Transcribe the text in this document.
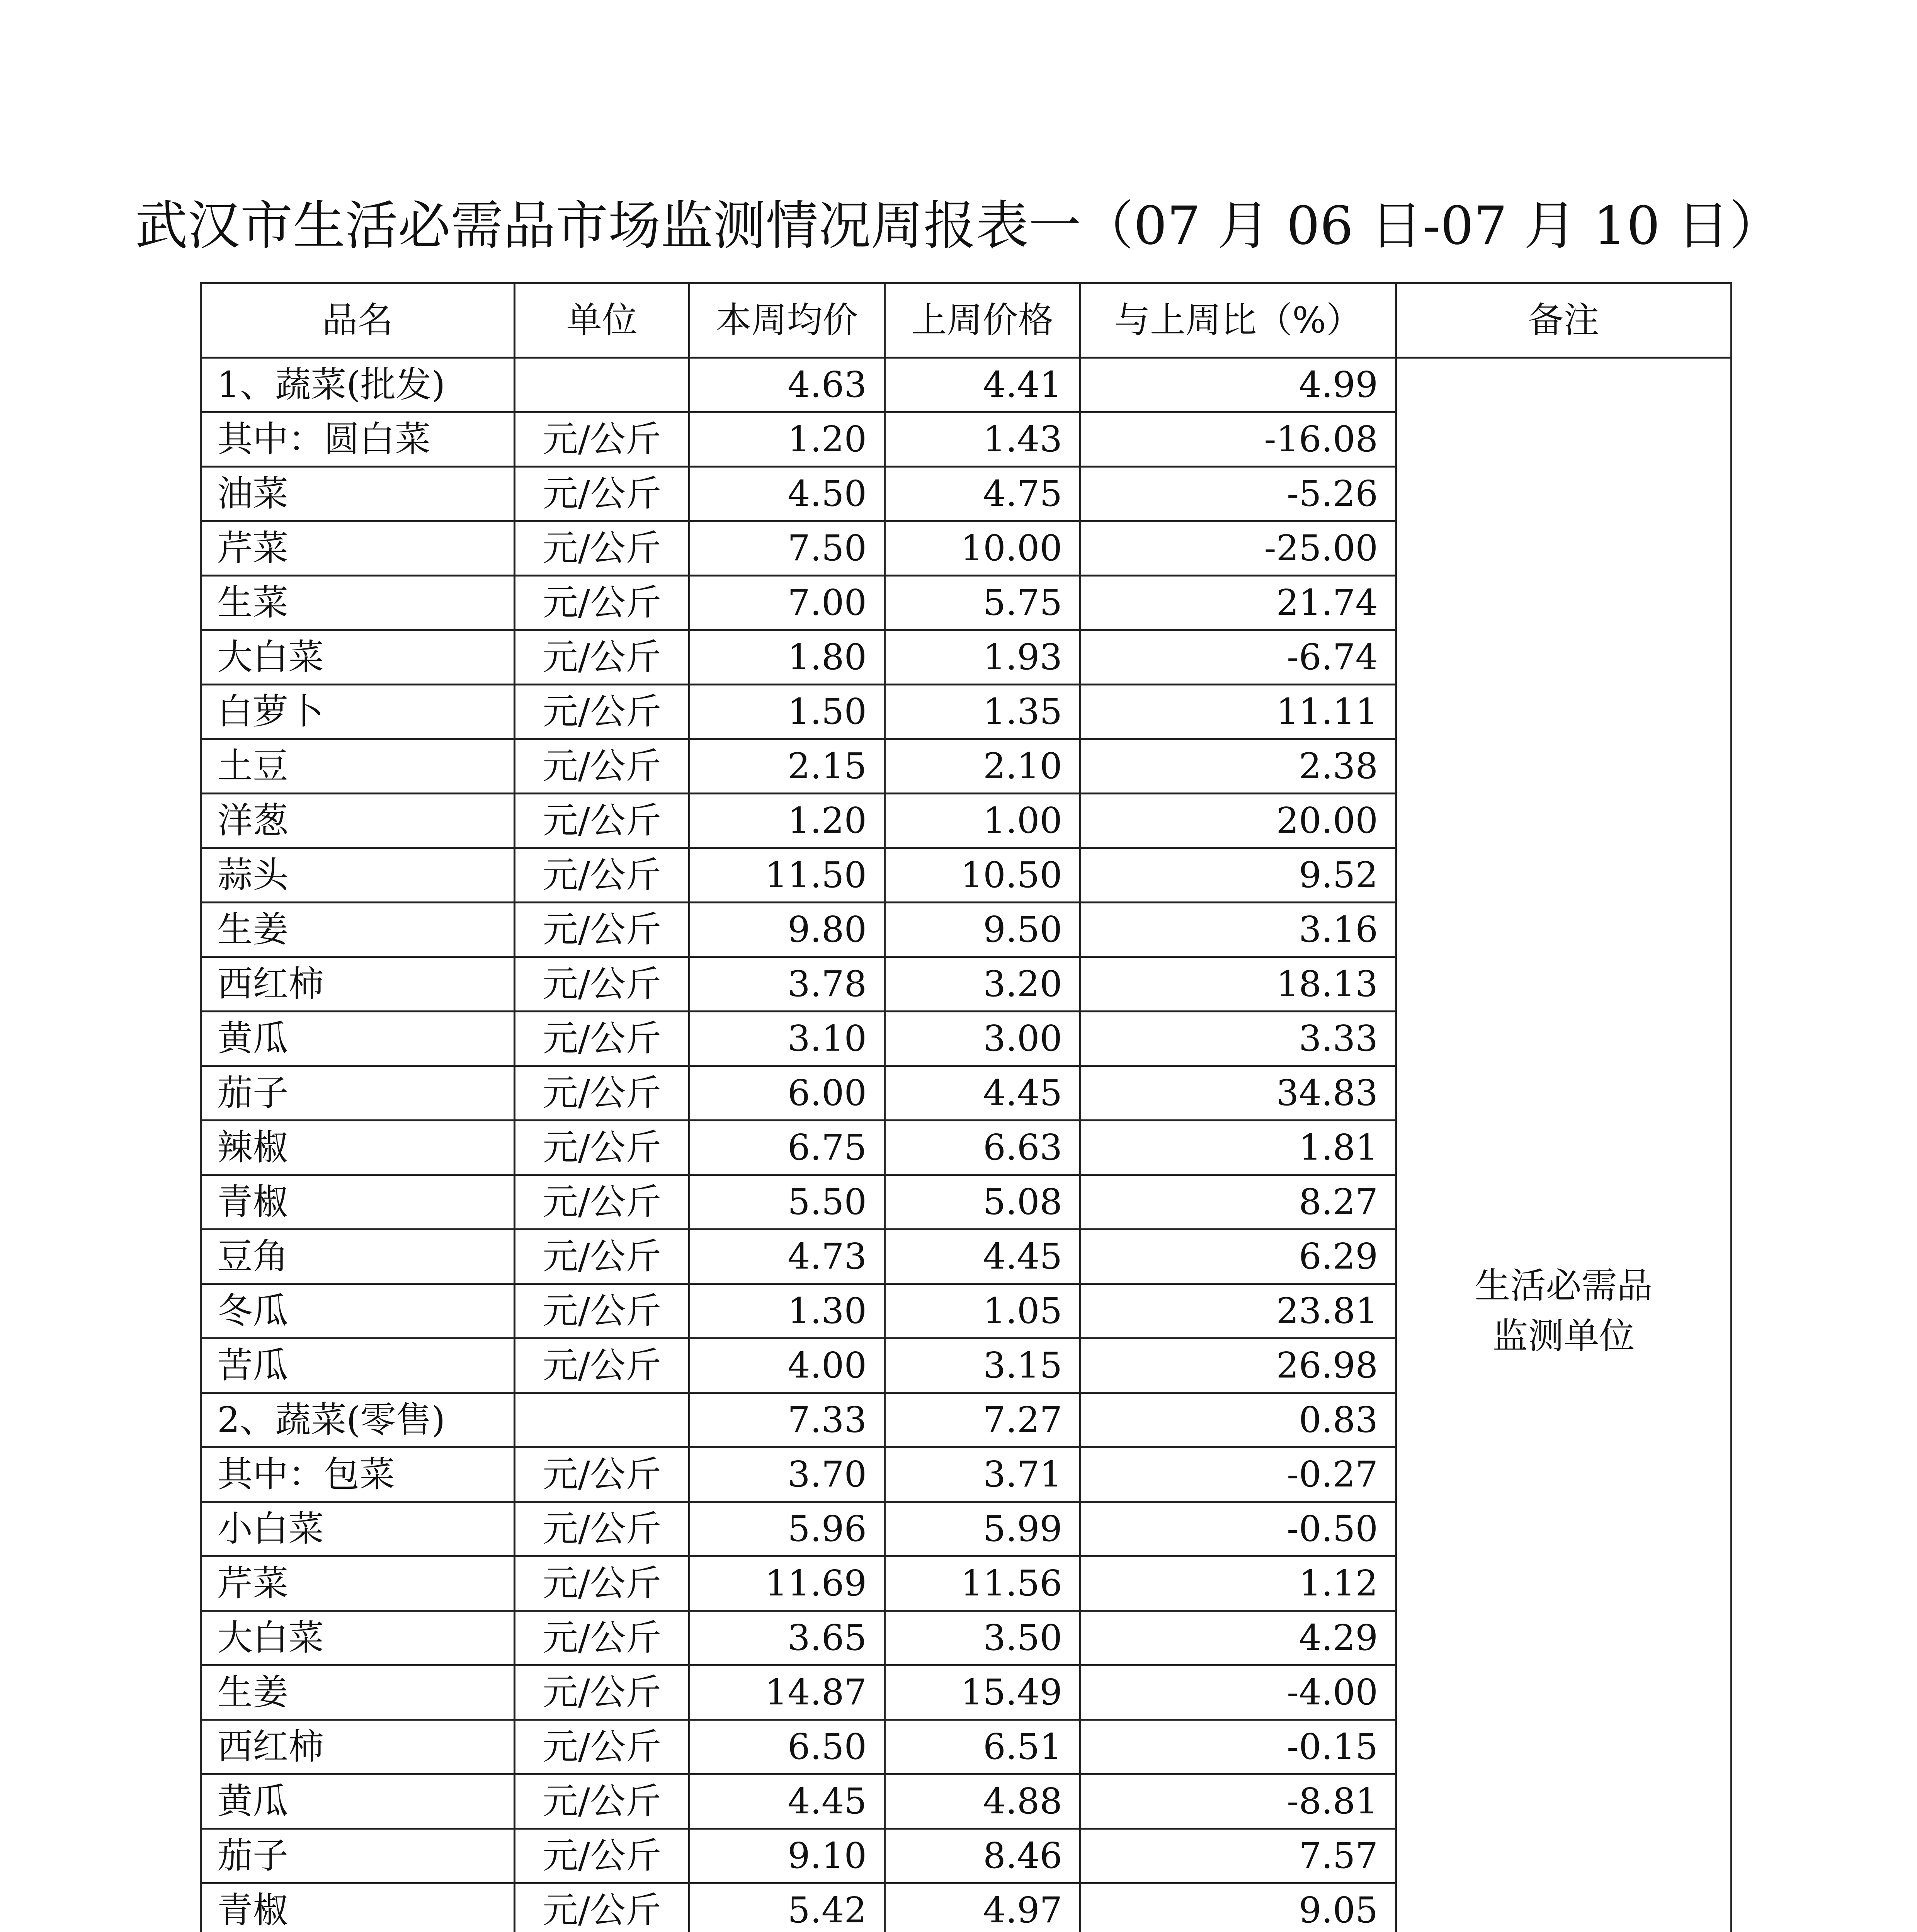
武汉市生活必需品市场监测情况周报表一（07 月 06 日-07 月 10 日）
品名	单位	本周均价	上周价格	与上周比（%）	备注
1、蔬菜(批发)		4.63	4.41	4.99	生活必需品
监测单位

其中：圆白菜	元/公斤	1.20	1.43	-16.08	
油菜	元/公斤	4.50	4.75	-5.26	
芹菜	元/公斤	7.50	10.00	-25.00	
生菜	元/公斤	7.00	5.75	21.74	
大白菜	元/公斤	1.80	1.93	-6.74	
白萝卜	元/公斤	1.50	1.35	11.11	
土豆	元/公斤	2.15	2.10	2.38	
洋葱	元/公斤	1.20	1.00	20.00	
蒜头	元/公斤	11.50	10.50	9.52	
生姜	元/公斤	9.80	9.50	3.16	
西红柿	元/公斤	3.78	3.20	18.13	
黄瓜	元/公斤	3.10	3.00	3.33	
茄子	元/公斤	6.00	4.45	34.83	
辣椒	元/公斤	6.75	6.63	1.81	
青椒	元/公斤	5.50	5.08	8.27	
豆角	元/公斤	4.73	4.45	6.29	
冬瓜	元/公斤	1.30	1.05	23.81	
苦瓜	元/公斤	4.00	3.15	26.98	
2、蔬菜(零售)		7.33	7.27	0.83	
其中：包菜	元/公斤	3.70	3.71	-0.27	
小白菜	元/公斤	5.96	5.99	-0.50	
芹菜	元/公斤	11.69	11.56	1.12	
大白菜	元/公斤	3.65	3.50	4.29	
生姜	元/公斤	14.87	15.49	-4.00	
西红柿	元/公斤	6.50	6.51	-0.15	
黄瓜	元/公斤	4.45	4.88	-8.81	
茄子	元/公斤	9.10	8.46	7.57	
青椒	元/公斤	5.42	4.97	9.05	
